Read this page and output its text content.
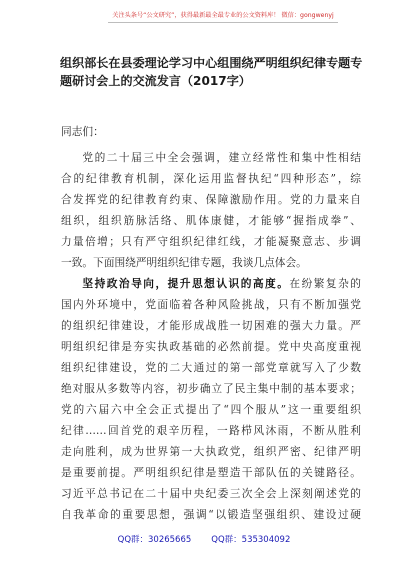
关注头条号“公文研究”，获得最新最全最专业的公文资料库！ 微信：gongwenyj
组织部长在县委理论学习中心组围绕严明组织纪律专题专题研讨会上的交流发言（2017字）

同志们：

党的二十届三中全会强调，建立经常性和集中性相结

合的纪律教育机制，深化运用监督执纪“四种形态”，综

合发挥党的纪律教育约束、保障激励作用。党的力量来自

组织，组织筋脉活络、肌体康健，才能够“握指成拳”、

力量倍增；只有严守组织纪律红线，才能凝聚意志、步调

一致。下面围绕严明组织纪律专题，我谈几点体会。

坚持政治导向，提升思想认识的高度。在纷繁复杂的

国内外环境中，党面临着各种风险挑战，只有不断加强党

的组织纪律建设，才能形成战胜一切困难的强大力量。严

明组织纪律是夯实执政基础的必然前提。党中央高度重视

组织纪律建设，党的二大通过的第一部党章就写入了少数

绝对服从多数等内容，初步确立了民主集中制的基本要求；

党的六届六中全会正式提出了“四个服从”这一重要组织

纪律……回首党的艰辛历程，一路栉风沐雨，不断从胜利

走向胜利，成为世界第一大执政党，组织严密、纪律严明

是重要前提。严明组织纪律是塑造干部队伍的关键路径。

习近平总书记在二十届中央纪委三次全会上深刻阐述党的

自我革命的重要思想，强调“以锻造坚强组织、建设过硬

QQ群：30265665 QQ群：535304092
